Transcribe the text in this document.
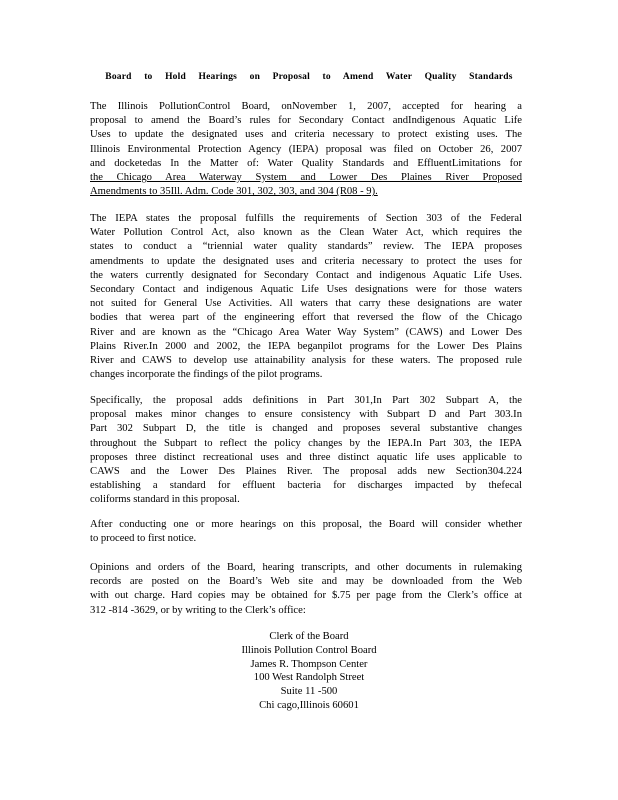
Board to Hold Hearings on Proposal to Amend Water Quality Standards
The Illinois PollutionControl Board, onNovember 1, 2007, accepted for hearing a
proposal to amend the Board’s rules for Secondary Contact andIndigenous Aquatic Life
Uses to update the designated uses and criteria necessary to protect existing uses. The
Illinois Environmental Protection Agency (IEPA) proposal was filed on October 26, 2007
and docketedas In the Matter of: Water Quality Standards and EffluentLimitations for
the Chicago Area Waterway System and Lower Des Plaines River Proposed
Amendments to 35Ill. Adm. Code 301, 302, 303, and 304 (R08 - 9).
The IEPA states the proposal fulfills the requirements of Section 303 of the Federal
Water Pollution Control Act, also known as the Clean Water Act, which requires the
states to conduct a “triennial water quality standards” review. The IEPA proposes
amendments to update the designated uses and criteria necessary to protect the uses for
the waters currently designated for Secondary Contact and indigenous Aquatic Life Uses.
Secondary Contact and indigenous Aquatic Life Uses designations were for those waters
not suited for General Use Activities. All waters that carry these designations are water
bodies that werea part of the engineering effort that reversed the flow of the Chicago
River and are known as the “Chicago Area Water Way System” (CAWS) and Lower Des
Plains River.In 2000 and 2002, the IEPA beganpilot programs for the Lower Des Plains
River and CAWS to develop use attainability analysis for these waters. The proposed rule
changes incorporate the findings of the pilot programs.
Specifically, the proposal adds definitions in Part 301,In Part 302 Subpart A, the
proposal makes minor changes to ensure consistency with Subpart D and Part 303.In
Part 302 Subpart D, the title is changed and proposes several substantive changes
throughout the Subpart to reflect the policy changes by the IEPA.In Part 303, the IEPA
proposes three distinct recreational uses and three distinct aquatic life uses applicable to
CAWS and the Lower Des Plaines River. The proposal adds new Section304.224
establishing a standard for effluent bacteria for discharges impacted by thefecal
coliforms standard in this proposal.
After conducting one or more hearings on this proposal, the Board will consider whether
to proceed to first notice.
Opinions and orders of the Board, hearing transcripts, and other documents in rulemaking
records are posted on the Board’s Web site and may be downloaded from the Web
with out charge. Hard copies may be obtained for $.75 per page from the Clerk’s office at
312 -814 -3629, or by writing to the Clerk’s office:
Clerk of the Board
Illinois Pollution Control Board
James R. Thompson Center
100 West Randolph Street
Suite 11 -500
Chi cago,Illinois 60601
